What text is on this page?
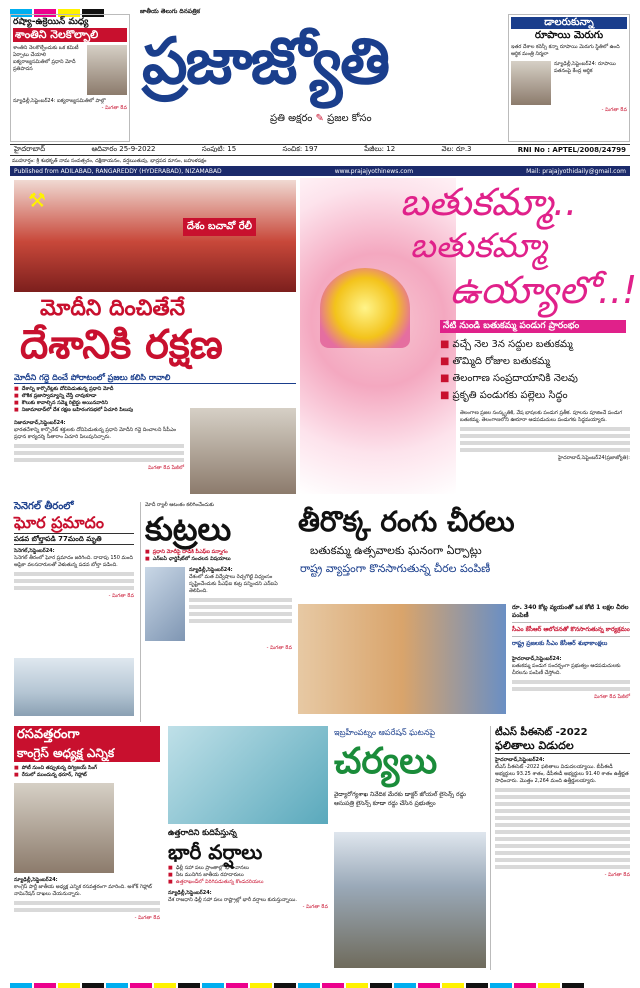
రష్యా-ఉక్రెయిన్ మధ్య
శాంతిని నెలకొల్పాలి
శాంతిని నెలకొల్పేందుకు ఒక కమిటీ ఏర్పాటు చేయాలి ఐక్యరాజ్యసమితిలో ప్రధాని మోదీ ప్రతిపాదన
న్యూఢిల్లీ,సెప్టెంబర్24: ఐక్యరాజ్యసమితిలో పాల్గొ
- మిగతా 8వ
జాతీయ తెలుగు దినపత్రిక
ప్రజాజ్యోతి
ప్రతి అక్షరం ✎ ప్రజల కోసం
డాలరుకున్నా
రూపాయి మెరుగు
ఇతర దేశాల కరెన్సీ కన్నా రూపాయి మెరుగు స్థితిలో ఉంది ఆర్థిక మంత్రి నిర్మలా
న్యూఢిల్లీ,సెప్టెంబర్24: రూపాయి పతనంపై కేంద్ర ఆర్థిక
- మిగతా 8వ
హైదరాబాద్	ఆదివారం 25-9-2022	సంపుటి: 15	సంచిక: 197	పేజీలు: 12	వెల: రూ.3	RNI No : APTEL/2008/24799
ముహూర్తం: శ్రీ శుభకృత్ నామ సంవత్సరం, దక్షిణాయనం, వర్షఋతువు, భాద్రపద మాసం, బహుళపక్షం
Published from ADILABAD, RANGAREDDY (HYDERABAD), NIZAMABAD	www.prajajyothinews.com	Mail: prajajyothidaily@gmail.com
దేశం బచావో రేలీ
⚒
మోదీని దించితేనే
దేశానికి రక్షణ
మోదీని గద్దె దించే పోరాటంలో ప్రజలు కలిసి రావాలి
■ దేశాన్ని కార్పొరేట్లకు దోచిపెడుతున్న ప్రధాని మోదీ
■ లౌకిక ప్రజాస్వామ్యాన్ని చేస్తే చావుకూడా
■ కౌలుకు కావాల్సిన సమ్మె రిటైర్డు అయినవారిని
■ నిజామాబాద్‌లో దేశ రక్షణ బహిరంగసభలో ఏచూరి పిలుపు
నిజామాబాద్,సెప్టెంబర్24:
భారతదేశాన్ని కార్పొరేట్ శక్తులకు దోచిపెడుతున్న ప్రధాని మోదీని గద్దె దించాలని సీపీఎం ప్రధాన కార్యదర్శి సీతారాం ఏచూరి పిలుపునిచ్చారు.
మిగతా 8వ పేజీలో
బతుకమ్మా..
బతుకమ్మా
ఉయ్యాలో..!
నేటి నుండి బతుకమ్మ పండుగ ప్రారంభం
■ వచ్చే నెల 3న సద్దుల బతుకమ్మ
■ తొమ్మిది రోజుల బతుకమ్మ
■ తెలంగాణ సంప్రదాయానికి నెలవు
■ ప్రకృతి పండుగకు పల్లెలు సిద్ధం
తెలంగాణ ప్రజల సంస్కృతికి, వేష భాషలకు పండుగ ప్రతీక. పూలను పూజించే పండుగ బతుకమ్మ. తెలంగాణలోని ఊరూరా ఆడపడుచులు పండుగకు సిద్ధమయ్యారు.
హైదరాబాద్,సెప్టెంబర్24(ప్రజాజ్యోతి):
సెనెగల్ తీరంలో
ఘోర ప్రమాదం
పడవ బోల్తాపడి 77మంది మృతి
సెనెగల్,సెప్టెంబర్24:
సెనెగల్ తీరంలో ఘోర ప్రమాదం జరిగింది. దాదాపు 150 మంది ఆఫ్రికా వలసదారులతో వెళుతున్న పడవ బోల్తా పడింది.
- మిగతా 8వ
మోదీ ర్యాలీ ఆటంకం కలిగించేందుకు
కుట్రలు
■ ప్రధాని మోదీపై దాడికి పీఎఫ్ఐ పన్నాగం
■ ఎన్ఐఏ ఛార్జిషీట్‌లో సంచలన విషయాలు
న్యూఢిల్లీ,సెప్టెంబర్24:
దేశంలో మత విద్వేషాలు రెచ్చగొట్టి విధ్వంసం సృష్టించేందుకు పీఎఫ్ఐ కుట్ర పన్నిందని ఎన్ఐఏ తెలిపింది.
- మిగతా 8వ
తీరొక్క రంగు చీరలు
బతుకమ్మ ఉత్సవాలకు ఘనంగా ఏర్పాట్లు
రాష్ట్ర వ్యాప్తంగా కొనసాగుతున్న చీరల పంపిణీ
రూ. 340 కోట్ల వ్యయంతో ఒక కోటి 1 లక్షల చీరల పంపిణీ
సీఎం కేసీఆర్ ఆలోచనతో కొనసాగుతున్న కార్యక్రమం
రాష్ట్ర ప్రజలకు సీఎం కేసీఆర్ శుభాకాంక్షలు
హైదరాబాద్,సెప్టెంబర్24:
బతుకమ్మ పండుగ సందర్భంగా ప్రభుత్వం ఆడపడుచులకు చీరలను పంపిణీ చేస్తోంది.
మిగతా 8వ పేజీలో
రసవత్తరంగా
కాంగ్రెస్ అధ్యక్ష ఎన్నిక
■ పోటీ నుంచి తప్పుకున్న దిగ్విజయ్ సింగ్
■ రేసులో ముందున్న థరూర్, గెహ్లాట్
న్యూఢిల్లీ,సెప్టెంబర్24:
కాంగ్రెస్ పార్టీ జాతీయ అధ్యక్ష ఎన్నిక రసవత్తరంగా మారింది. అశోక్ గెహ్లాట్ నామినేషన్ దాఖలు చేయనున్నారు.
- మిగతా 8వ
ఇబ్రహీంపట్నం ఆపరేషన్ ఘటనపై
చర్యలు
వైద్యారోగ్యశాఖ నివేదిక మేరకు డాక్టర్ జోయల్ లైసెన్స్ రద్దు ఆసుపత్రి లైసెన్స్ కూడా రద్దు చేసిన ప్రభుత్వం
ఉత్తరాదిని కుదిపేస్తున్న
భారీ వర్షాలు
■ ఢిల్లీ సహా పలు ప్రాంతాల్లో భారీ వానలు
■ నీట మునిగిన జాతీయ రహదారులు
■ ఉత్తరాఖండ్‌లో విరిగిపడుతున్న కొండచరియలు
న్యూఢిల్లీ,సెప్టెంబర్24:
దేశ రాజధాని ఢిల్లీ సహా పలు రాష్ట్రాల్లో భారీ వర్షాలు కురుస్తున్నాయి.
- మిగతా 8వ
టీఎస్ పీఈసెట్ -2022
ఫలితాలు విడుదల
హైదరాబాద్,సెప్టెంబర్24:
టీఎస్ పీఈసెట్ -2022 ఫలితాలు విడుదలయ్యాయి. బీపీఈడీ అభ్యర్థులు 93.25 శాతం, డీపీఈడీ అభ్యర్థులు 91.40 శాతం ఉత్తీర్ణత సాధించారు. మొత్తం 2,264 మంది ఉత్తీర్ణులయ్యారు.
- మిగతా 8వ
